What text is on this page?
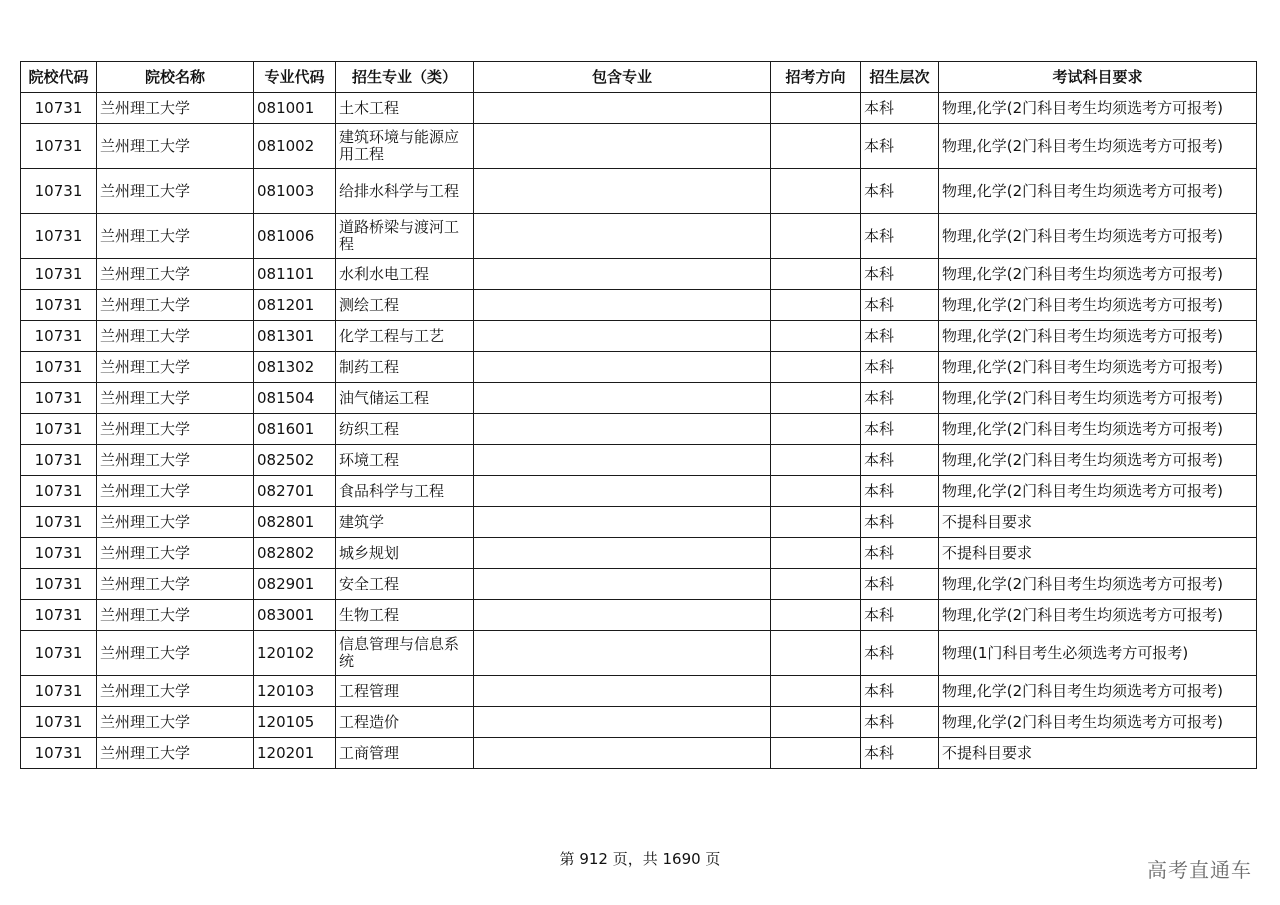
院校代码	院校名称	专业代码	招生专业（类）	包含专业	招考方向	招生层次	考试科目要求
10731	兰州理工大学	081001	土木工程			本科	物理,化学(2门科目考生均须选考方可报考)
10731	兰州理工大学	081002	建筑环境与能源应用工程			本科	物理,化学(2门科目考生均须选考方可报考)
10731	兰州理工大学	081003	给排水科学与工程			本科	物理,化学(2门科目考生均须选考方可报考)
10731	兰州理工大学	081006	道路桥梁与渡河工程			本科	物理,化学(2门科目考生均须选考方可报考)
10731	兰州理工大学	081101	水利水电工程			本科	物理,化学(2门科目考生均须选考方可报考)
10731	兰州理工大学	081201	测绘工程			本科	物理,化学(2门科目考生均须选考方可报考)
10731	兰州理工大学	081301	化学工程与工艺			本科	物理,化学(2门科目考生均须选考方可报考)
10731	兰州理工大学	081302	制药工程			本科	物理,化学(2门科目考生均须选考方可报考)
10731	兰州理工大学	081504	油气储运工程			本科	物理,化学(2门科目考生均须选考方可报考)
10731	兰州理工大学	081601	纺织工程			本科	物理,化学(2门科目考生均须选考方可报考)
10731	兰州理工大学	082502	环境工程			本科	物理,化学(2门科目考生均须选考方可报考)
10731	兰州理工大学	082701	食品科学与工程			本科	物理,化学(2门科目考生均须选考方可报考)
10731	兰州理工大学	082801	建筑学			本科	不提科目要求
10731	兰州理工大学	082802	城乡规划			本科	不提科目要求
10731	兰州理工大学	082901	安全工程			本科	物理,化学(2门科目考生均须选考方可报考)
10731	兰州理工大学	083001	生物工程			本科	物理,化学(2门科目考生均须选考方可报考)
10731	兰州理工大学	120102	信息管理与信息系统			本科	物理(1门科目考生必须选考方可报考)
10731	兰州理工大学	120103	工程管理			本科	物理,化学(2门科目考生均须选考方可报考)
10731	兰州理工大学	120105	工程造价			本科	物理,化学(2门科目考生均须选考方可报考)
10731	兰州理工大学	120201	工商管理			本科	不提科目要求
第 912 页，共 1690 页	高考直通车
